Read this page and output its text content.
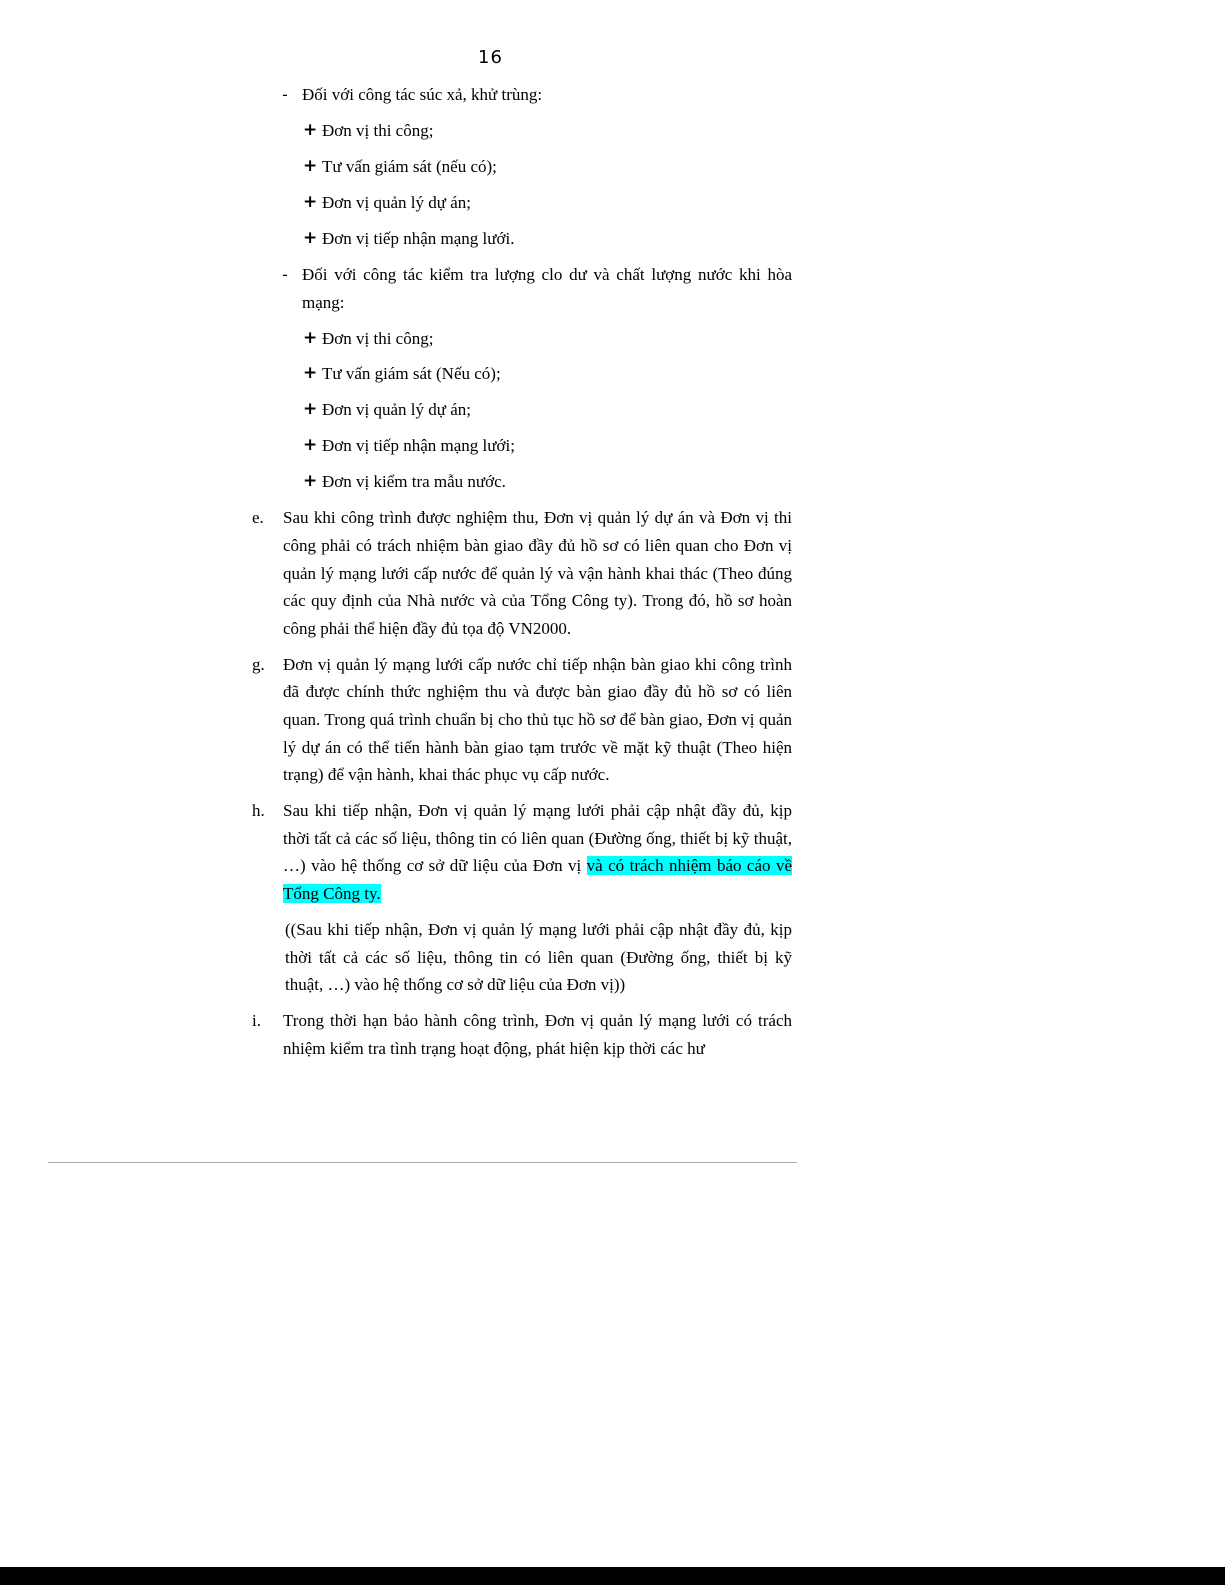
16
- Đối với công tác súc xả, khử trùng:
+ Đơn vị thi công;
+ Tư vấn giám sát (nếu có);
+ Đơn vị quản lý dự án;
+ Đơn vị tiếp nhận mạng lưới.
- Đối với công tác kiểm tra lượng clo dư và chất lượng nước khi hòa mạng:
+ Đơn vị thi công;
+ Tư vấn giám sát (Nếu có);
+ Đơn vị quản lý dự án;
+ Đơn vị tiếp nhận mạng lưới;
+ Đơn vị kiểm tra mẫu nước.
e. Sau khi công trình được nghiệm thu, Đơn vị quản lý dự án và Đơn vị thi công phải có trách nhiệm bàn giao đầy đủ hồ sơ có liên quan cho Đơn vị quản lý mạng lưới cấp nước để quản lý và vận hành khai thác (Theo đúng các quy định của Nhà nước và của Tổng Công ty). Trong đó, hồ sơ hoàn công phải thể hiện đầy đủ tọa độ VN2000.
g. Đơn vị quản lý mạng lưới cấp nước chỉ tiếp nhận bàn giao khi công trình đã được chính thức nghiệm thu và được bàn giao đầy đủ hồ sơ có liên quan. Trong quá trình chuẩn bị cho thủ tục hồ sơ để bàn giao, Đơn vị quản lý dự án có thể tiến hành bàn giao tạm trước về mặt kỹ thuật (Theo hiện trạng) để vận hành, khai thác phục vụ cấp nước.
h. Sau khi tiếp nhận, Đơn vị quản lý mạng lưới phải cập nhật đầy đủ, kịp thời tất cả các số liệu, thông tin có liên quan (Đường ống, thiết bị kỹ thuật, …) vào hệ thống cơ sở dữ liệu của Đơn vị và có trách nhiệm báo cáo về Tổng Công ty.
((Sau khi tiếp nhận, Đơn vị quản lý mạng lưới phải cập nhật đầy đủ, kịp thời tất cả các số liệu, thông tin có liên quan (Đường ống, thiết bị kỹ thuật, …) vào hệ thống cơ sở dữ liệu của Đơn vị))
i. Trong thời hạn bảo hành công trình, Đơn vị quản lý mạng lưới có trách nhiệm kiểm tra tình trạng hoạt động, phát hiện kịp thời các hư
